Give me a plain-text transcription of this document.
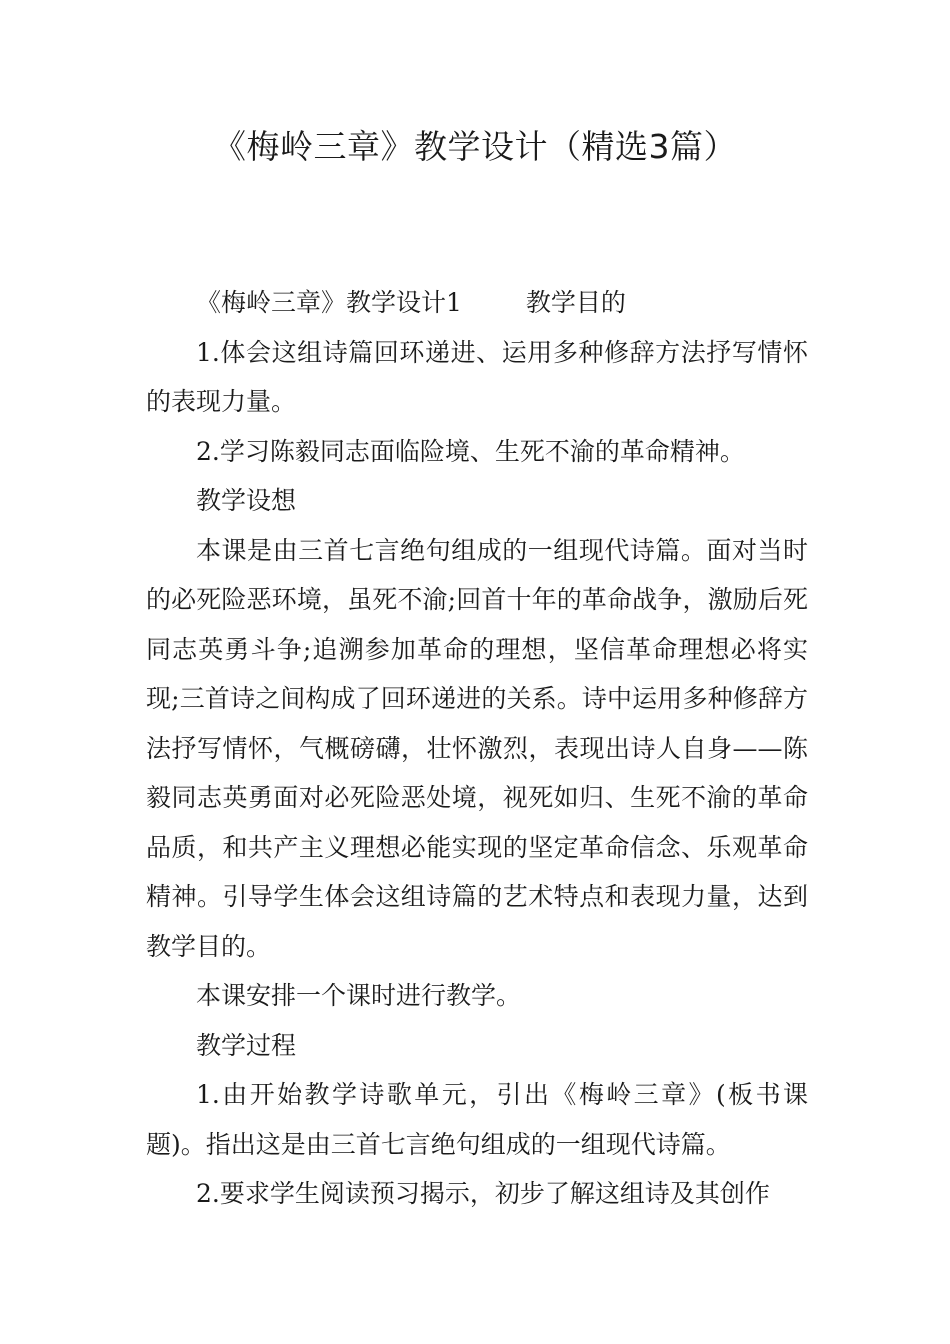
《梅岭三章》教学设计（精选3篇）

《梅岭三章》教学设计1	教学目的

1.体会这组诗篇回环递进、运用多种修辞方法抒写情怀的表现力量。

2.学习陈毅同志面临险境、生死不渝的革命精神。

教学设想

本课是由三首七言绝句组成的一组现代诗篇。面对当时的必死险恶环境，虽死不渝;回首十年的革命战争，激励后死同志英勇斗争;追溯参加革命的理想，坚信革命理想必将实现;三首诗之间构成了回环递进的关系。诗中运用多种修辞方法抒写情怀，气概磅礴，壮怀激烈，表现出诗人自身——陈毅同志英勇面对必死险恶处境，视死如归、生死不渝的革命品质，和共产主义理想必能实现的坚定革命信念、乐观革命精神。引导学生体会这组诗篇的艺术特点和表现力量，达到教学目的。

本课安排一个课时进行教学。

教学过程

1.由开始教学诗歌单元，引出《梅岭三章》(板书课题)。指出这是由三首七言绝句组成的一组现代诗篇。

2.要求学生阅读预习揭示，初步了解这组诗及其创作
